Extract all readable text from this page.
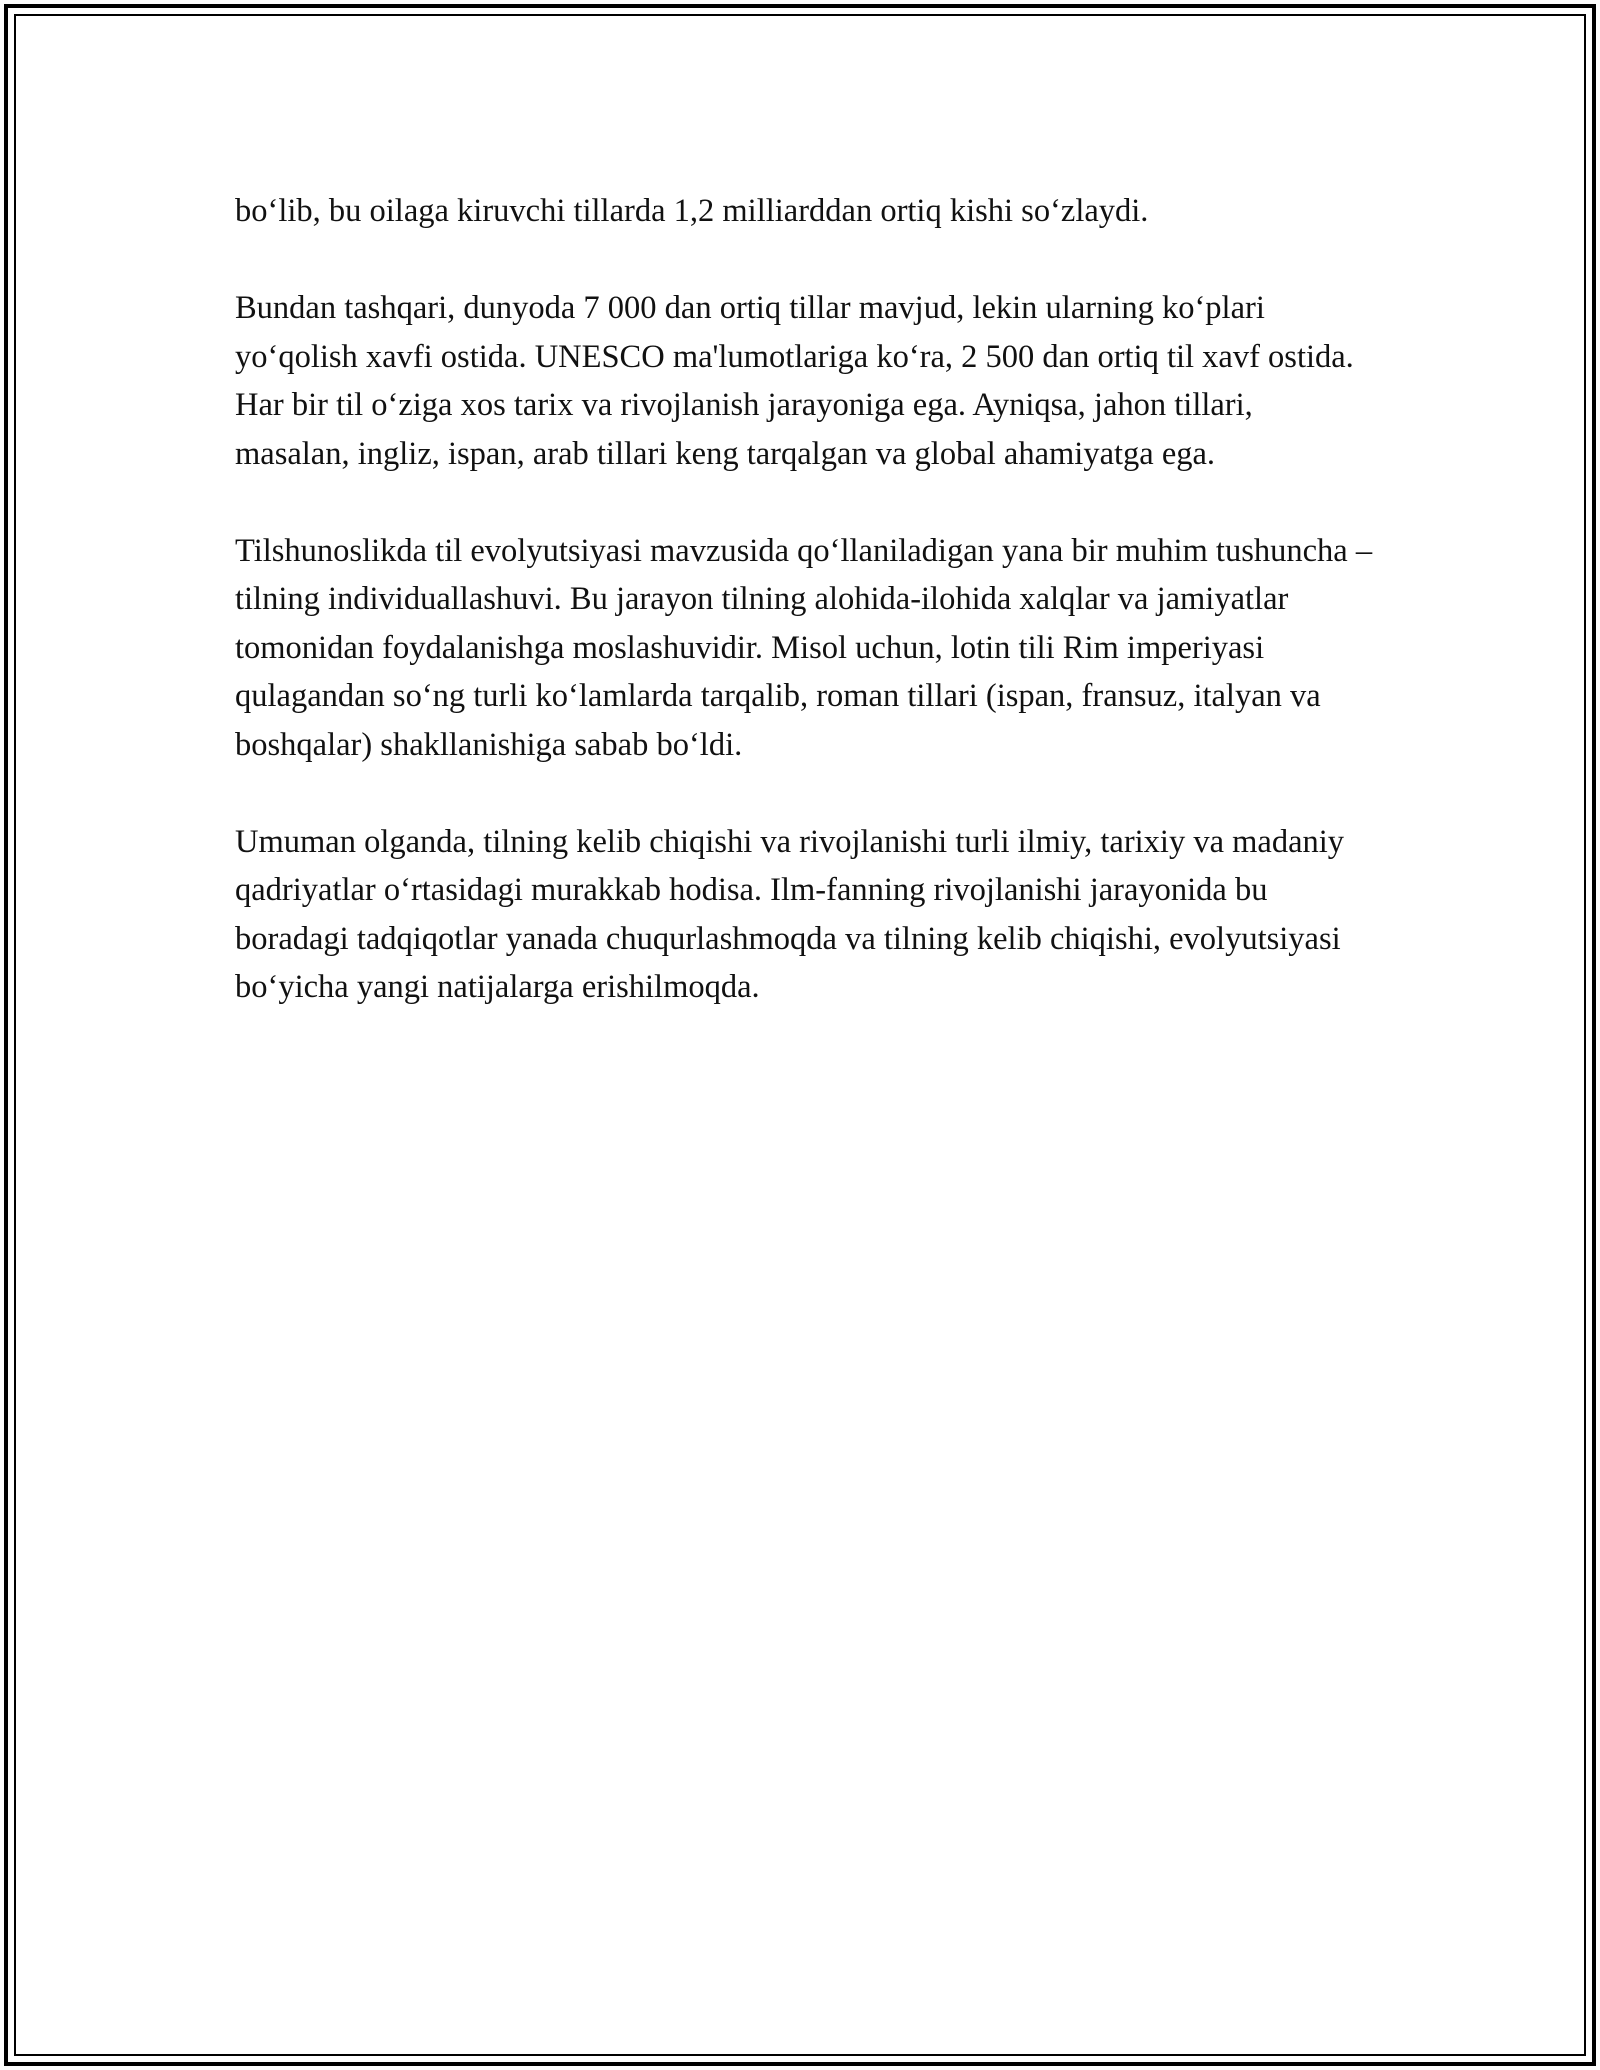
bo‘lib, bu oilaga kiruvchi tillarda 1,2 milliarddan ortiq kishi so‘zlaydi.

Bundan tashqari, dunyoda 7 000 dan ortiq tillar mavjud, lekin ularning ko‘plari yo‘qolish xavfi ostida. UNESCO ma'lumotlariga ko‘ra, 2 500 dan ortiq til xavf ostida. Har bir til o‘ziga xos tarix va rivojlanish jarayoniga ega. Ayniqsa, jahon tillari, masalan, ingliz, ispan, arab tillari keng tarqalgan va global ahamiyatga ega.

Tilshunoslikda til evolyutsiyasi mavzusida qo‘llaniladigan yana bir muhim tushuncha – tilning individuallashuvi. Bu jarayon tilning alohida-ilohida xalqlar va jamiyatlar tomonidan foydalanishga moslashuvidir. Misol uchun, lotin tili Rim imperiyasi qulagandan so‘ng turli ko‘lamlarda tarqalib, roman tillari (ispan, fransuz, italyan va boshqalar) shakllanishiga sabab bo‘ldi.

Umuman olganda, tilning kelib chiqishi va rivojlanishi turli ilmiy, tarixiy va madaniy qadriyatlar o‘rtasidagi murakkab hodisa. Ilm-fanning rivojlanishi jarayonida bu boradagi tadqiqotlar yanada chuqurlashmoqda va tilning kelib chiqishi, evolyutsiyasi bo‘yicha yangi natijalarga erishilmoqda.
